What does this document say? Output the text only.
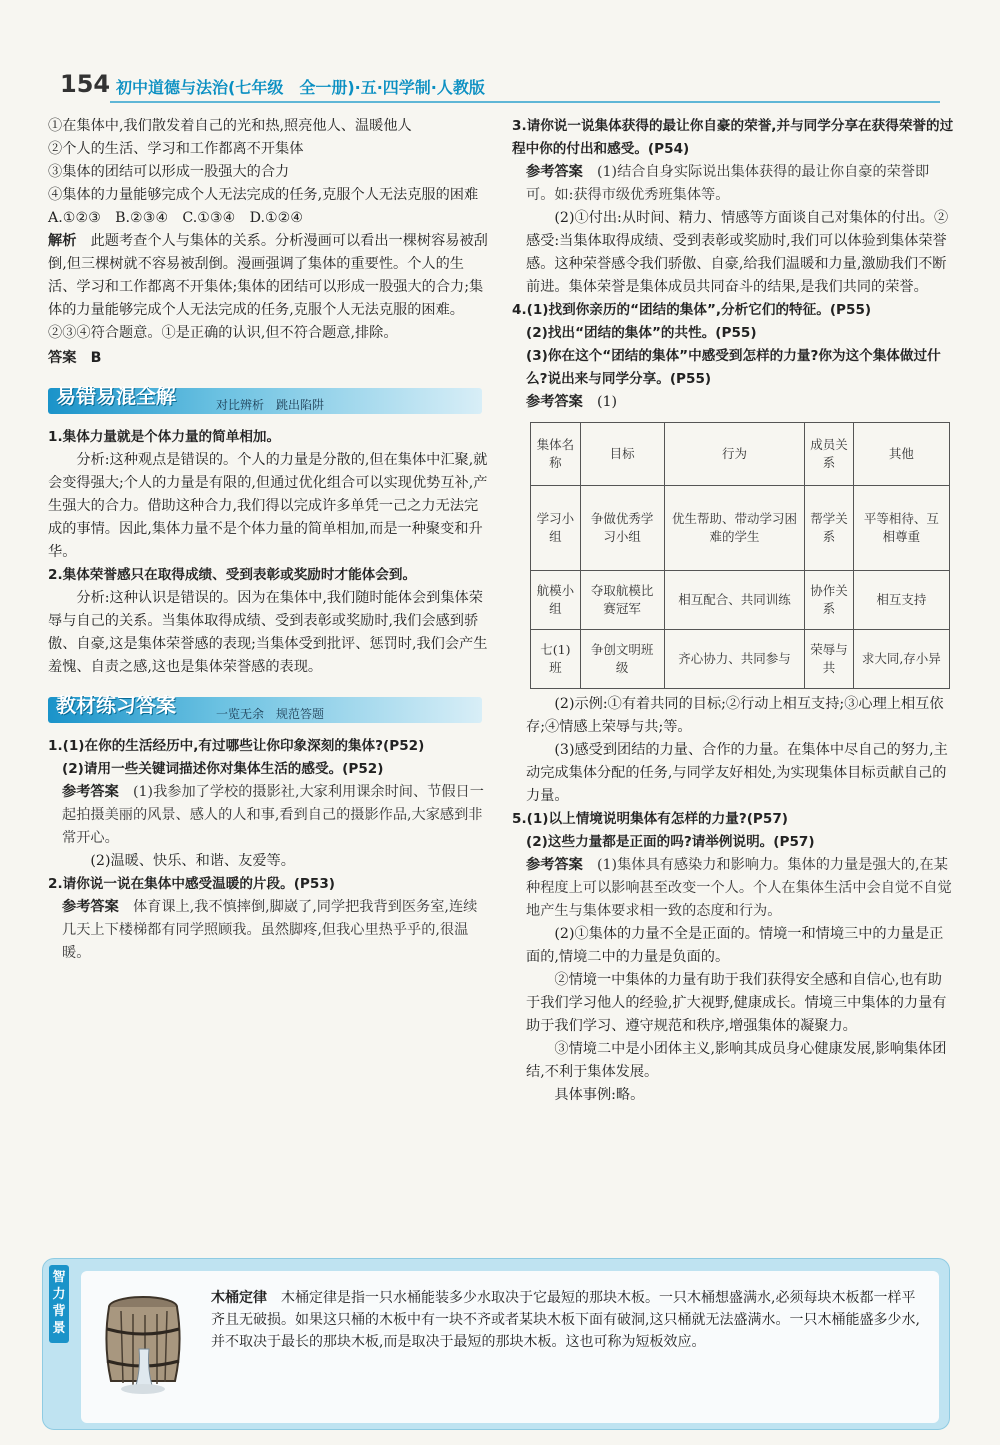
154 初中道德与法治(七年级　全一册)·五·四学制·人教版

①在集体中,我们散发着自己的光和热,照亮他人、温暖他人

②个人的生活、学习和工作都离不开集体

③集体的团结可以形成一股强大的合力

④集体的力量能够完成个人无法完成的任务,克服个人无法克服的困难

A.①②③　B.②③④　C.①③④　D.①②④

解析　 此题考查个人与集体的关系。分析漫画可以看出一棵树容易被刮倒,但三棵树就不容易被刮倒。漫画强调了集体的重要性。个人的生活、学习和工作都离不开集体;集体的团结可以形成一股强大的合力;集体的力量能够完成个人无法完成的任务,克服个人无法克服的困难。②③④符合题意。①是正确的认识,但不符合题意,排除。

答案　 B

易错易混全解	对比辨析　跳出陷阱

1.集体力量就是个体力量的简单相加。

分析:这种观点是错误的。个人的力量是分散的,但在集体中汇聚,就会变得强大;个人的力量是有限的,但通过优化组合可以实现优势互补,产生强大的合力。借助这种合力,我们得以完成许多单凭一己之力无法完成的事情。因此,集体力量不是个体力量的简单相加,而是一种聚变和升华。

2.集体荣誉感只在取得成绩、受到表彰或奖励时才能体会到。

分析:这种认识是错误的。因为在集体中,我们随时能体会到集体荣辱与自己的关系。当集体取得成绩、受到表彰或奖励时,我们会感到骄傲、自豪,这是集体荣誉感的表现;当集体受到批评、惩罚时,我们会产生羞愧、自责之感,这也是集体荣誉感的表现。

教材练习答案	一览无余　规范答题

1.(1)在你的生活经历中,有过哪些让你印象深刻的集体?(P52)

(2)请用一些关键词描述你对集体生活的感受。(P52)

参考答案　 (1)我参加了学校的摄影社,大家利用课余时间、节假日一起拍摄美丽的风景、感人的人和事,看到自己的摄影作品,大家感到非常开心。

(2)温暖、快乐、和谐、友爱等。

2.请你说一说在集体中感受温暖的片段。(P53)

参考答案　 体育课上,我不慎摔倒,脚崴了,同学把我背到医务室,连续几天上下楼梯都有同学照顾我。虽然脚疼,但我心里热乎乎的,很温暖。

3.请你说一说集体获得的最让你自豪的荣誉,并与同学分享在获得荣誉的过程中你的付出和感受。(P54)

参考答案　 (1)结合自身实际说出集体获得的最让你自豪的荣誉即可。如:获得市级优秀班集体等。

(2)①付出:从时间、精力、情感等方面谈自己对集体的付出。②感受:当集体取得成绩、受到表彰或奖励时,我们可以体验到集体荣誉感。这种荣誉感令我们骄傲、自豪,给我们温暖和力量,激励我们不断前进。集体荣誉是集体成员共同奋斗的结果,是我们共同的荣誉。

4.(1)找到你亲历的“团结的集体”,分析它们的特征。(P55)

(2)找出“团结的集体”的共性。(P55)

(3)你在这个“团结的集体”中感受到怎样的力量?你为这个集体做过什么?说出来与同学分享。(P55)

参考答案　 (1)

集体名称	目标	行为	成员关系	其他
学习小组	争做优秀学习小组	优生帮助、带动学习困难的学生	帮学关系	平等相待、互相尊重
航模小组	夺取航模比赛冠军	相互配合、共同训练	协作关系	相互支持
七(1)班	争创文明班级	齐心协力、共同参与	荣辱与共	求大同,存小异

(2)示例:①有着共同的目标;②行动上相互支持;③心理上相互依存;④情感上荣辱与共;等。

(3)感受到团结的力量、合作的力量。在集体中尽自己的努力,主动完成集体分配的任务,与同学友好相处,为实现集体目标贡献自己的力量。

5.(1)以上情境说明集体有怎样的力量?(P57)

(2)这些力量都是正面的吗?请举例说明。(P57)

参考答案　 (1)集体具有感染力和影响力。集体的力量是强大的,在某种程度上可以影响甚至改变一个人。个人在集体生活中会自觉不自觉地产生与集体要求相一致的态度和行为。

(2)①集体的力量不全是正面的。情境一和情境三中的力量是正面的,情境二中的力量是负面的。

②情境一中集体的力量有助于我们获得安全感和自信心,也有助于我们学习他人的经验,扩大视野,健康成长。情境三中集体的力量有助于我们学习、遵守规范和秩序,增强集体的凝聚力。

③情境二中是小团体主义,影响其成员身心健康发展,影响集体团结,不利于集体发展。

具体事例:略。

智力背景

木桶定律　 木桶定律是指一只水桶能装多少水取决于它最短的那块木板。一只木桶想盛满水,必须每块木板都一样平齐且无破损。如果这只桶的木板中有一块不齐或者某块木板下面有破洞,这只桶就无法盛满水。一只木桶能盛多少水,并不取决于最长的那块木板,而是取决于最短的那块木板。这也可称为短板效应。
